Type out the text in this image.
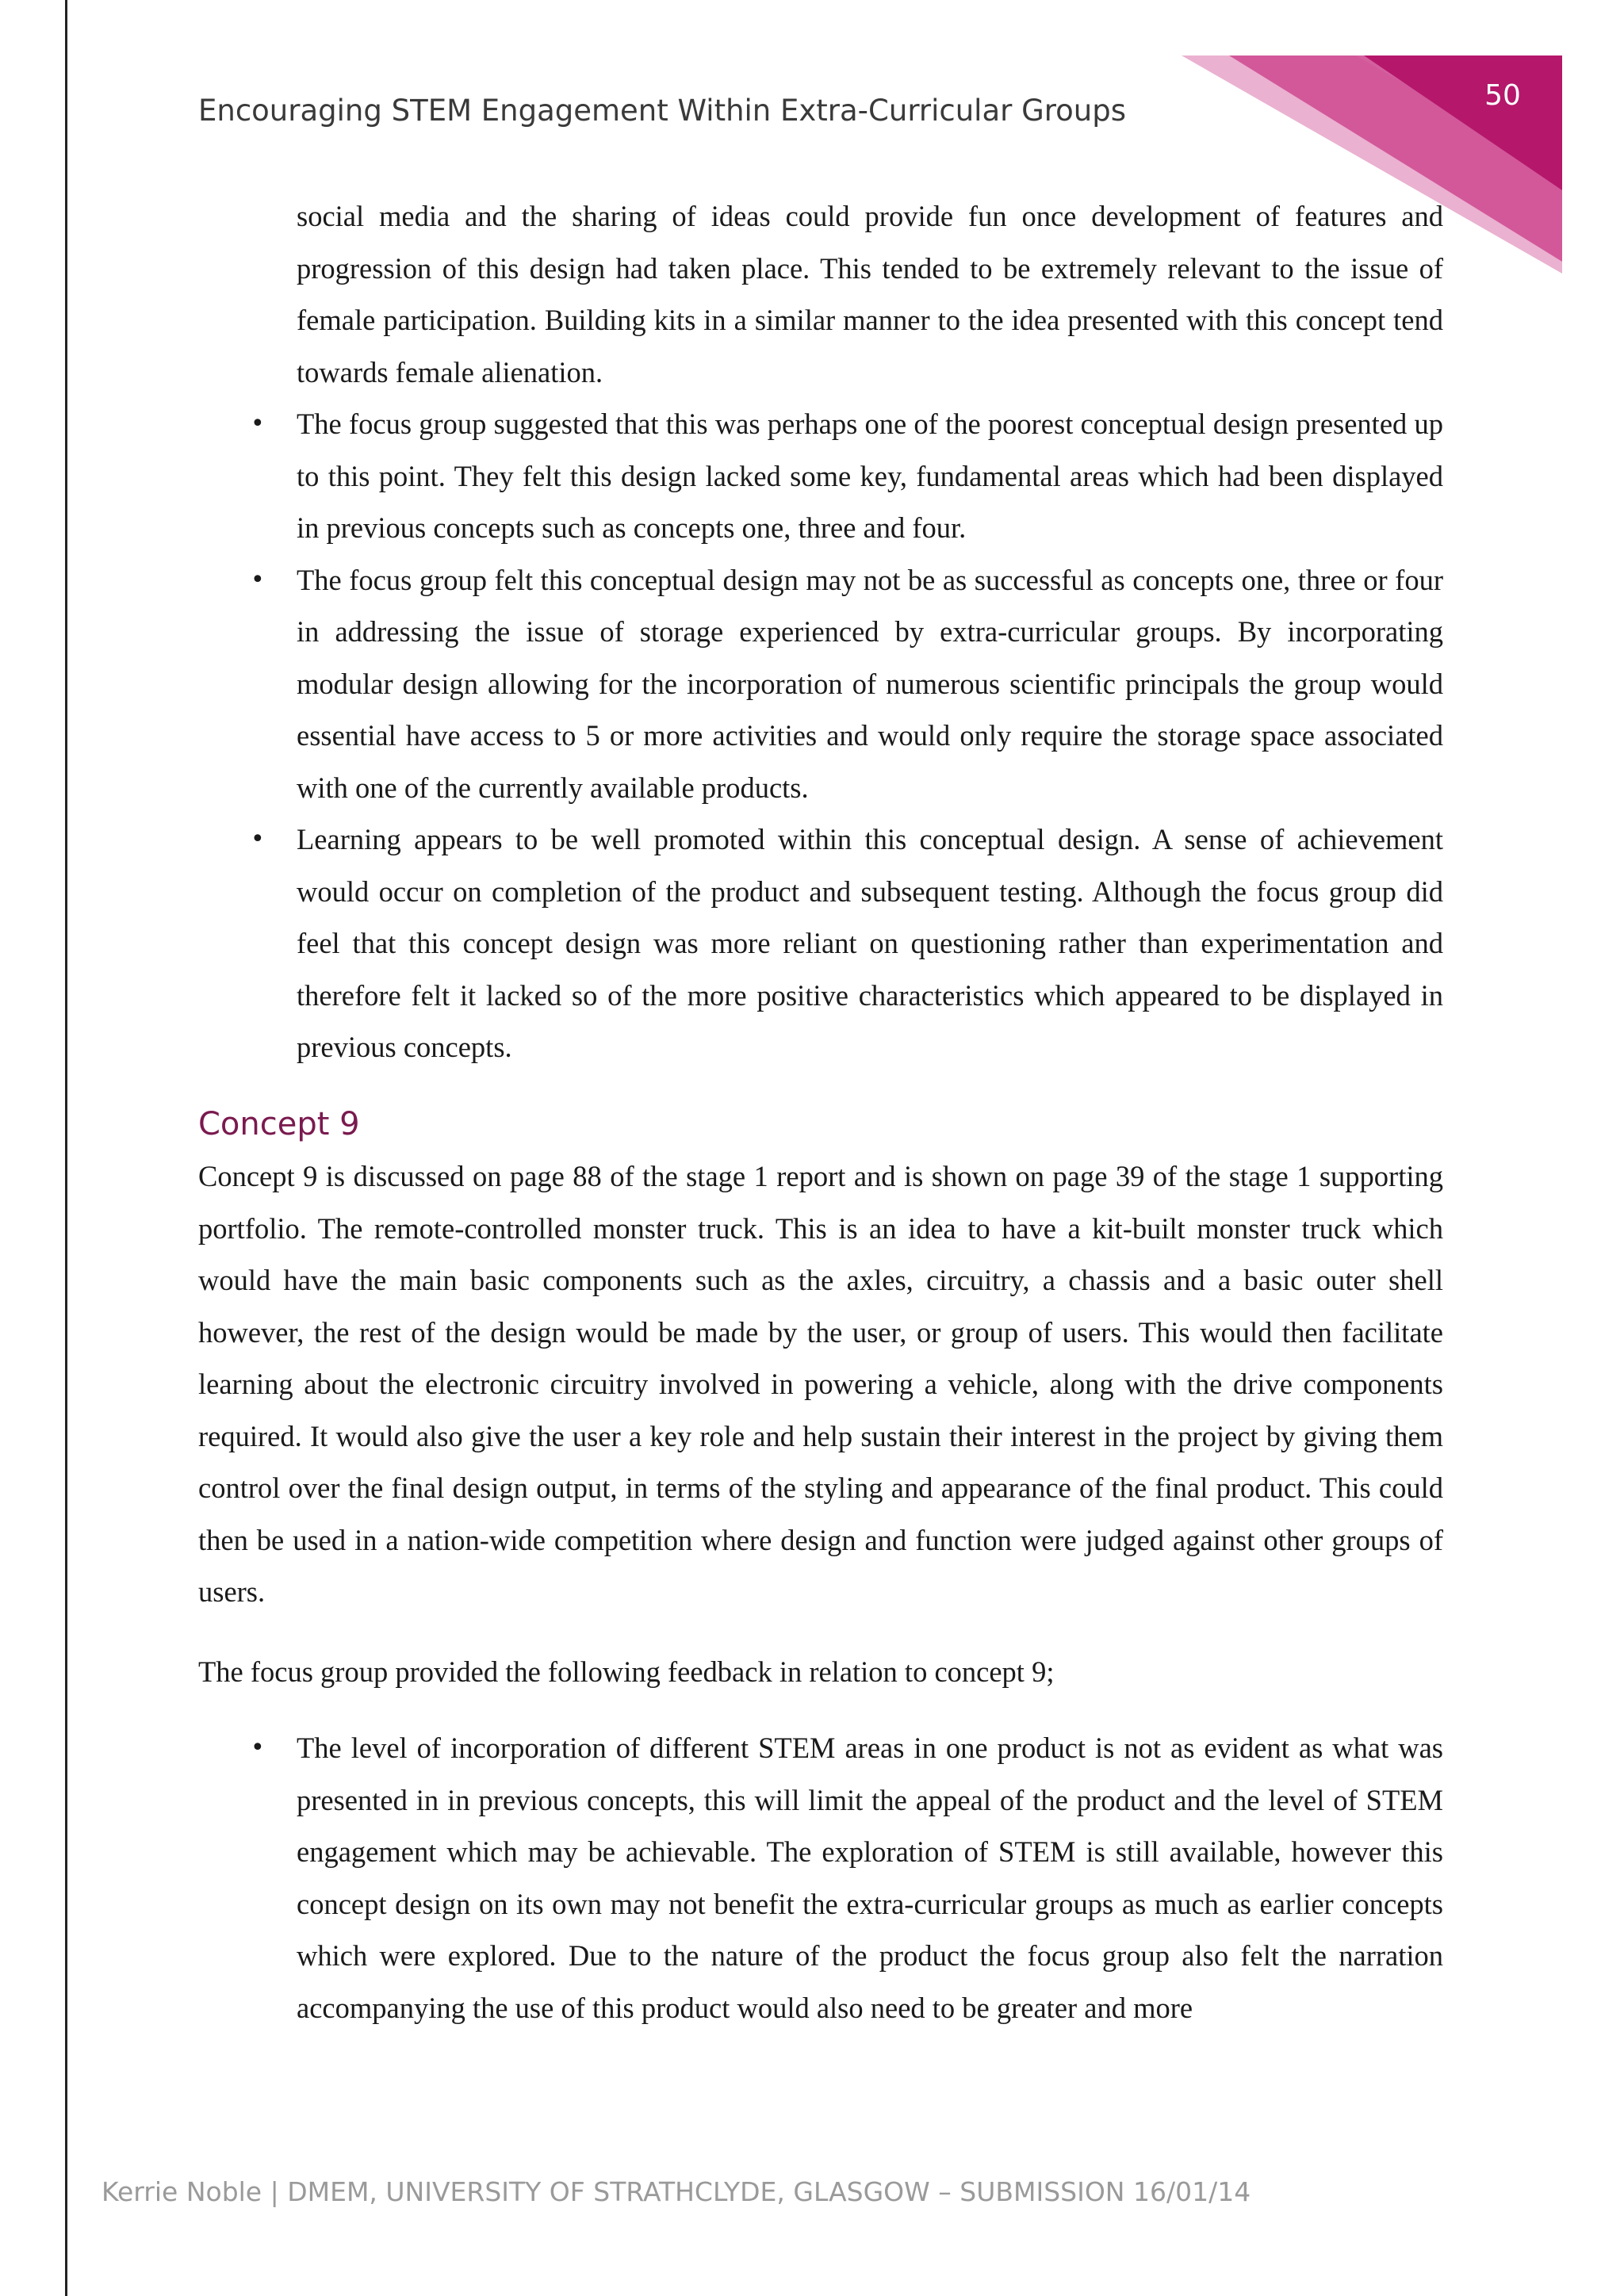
Encouraging STEM Engagement Within Extra-Curricular Groups	50
social media and the sharing of ideas could provide fun once development of features and progression of this design had taken place. This tended to be extremely relevant to the issue of female participation. Building kits in a similar manner to the idea presented with this concept tend towards female alienation.
• The focus group suggested that this was perhaps one of the poorest conceptual design presented up to this point. They felt this design lacked some key, fundamental areas which had been displayed in previous concepts such as concepts one, three and four.
• The focus group felt this conceptual design may not be as successful as concepts one, three or four in addressing the issue of storage experienced by extra-curricular groups. By incorporating modular design allowing for the incorporation of numerous scientific principals the group would essential have access to 5 or more activities and would only require the storage space associated with one of the currently available products.
• Learning appears to be well promoted within this conceptual design. A sense of achievement would occur on completion of the product and subsequent testing. Although the focus group did feel that this concept design was more reliant on questioning rather than experimentation and therefore felt it lacked so of the more positive characteristics which appeared to be displayed in previous concepts.
Concept 9
Concept 9 is discussed on page 88 of the stage 1 report and is shown on page 39 of the stage 1 supporting portfolio. The remote-controlled monster truck. This is an idea to have a kit-built monster truck which would have the main basic components such as the axles, circuitry, a chassis and a basic outer shell however, the rest of the design would be made by the user, or group of users. This would then facilitate learning about the electronic circuitry involved in powering a vehicle, along with the drive components required. It would also give the user a key role and help sustain their interest in the project by giving them control over the final design output, in terms of the styling and appearance of the final product. This could then be used in a nation-wide competition where design and function were judged against other groups of users.
The focus group provided the following feedback in relation to concept 9;
• The level of incorporation of different STEM areas in one product is not as evident as what was presented in in previous concepts, this will limit the appeal of the product and the level of STEM engagement which may be achievable. The exploration of STEM is still available, however this concept design on its own may not benefit the extra-curricular groups as much as earlier concepts which were explored. Due to the nature of the product the focus group also felt the narration accompanying the use of this product would also need to be greater and more
Kerrie Noble | DMEM, UNIVERSITY OF STRATHCLYDE, GLASGOW – SUBMISSION 16/01/14
